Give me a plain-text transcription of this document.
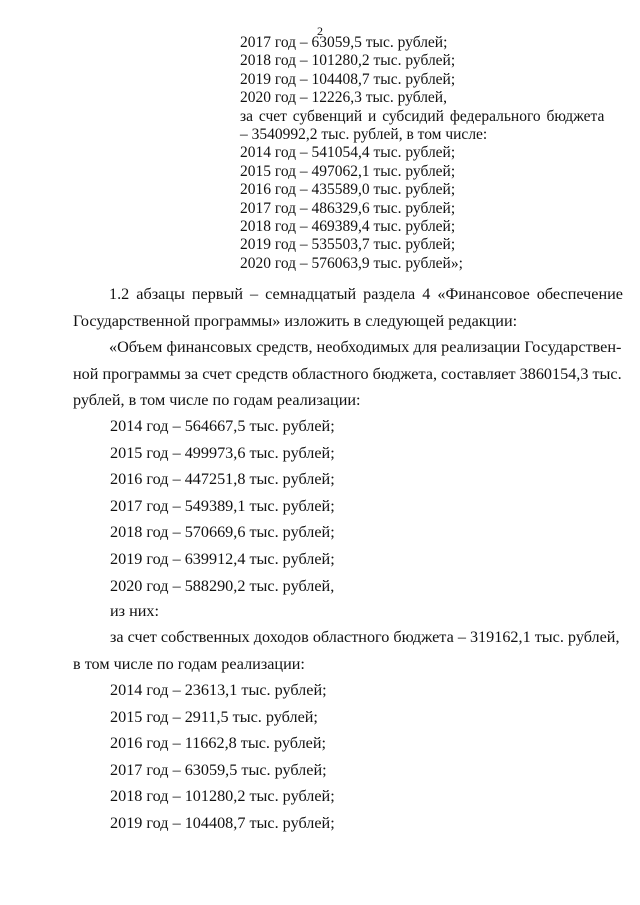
2
2017 год – 63059,5 тыс. рублей;
2018 год – 101280,2 тыс. рублей;
2019 год – 104408,7 тыс. рублей;
2020 год – 12226,3 тыс. рублей,
за счет субвенций и субсидий федерального бюджета
– 3540992,2 тыс. рублей, в том числе:
2014 год – 541054,4 тыс. рублей;
2015 год – 497062,1 тыс. рублей;
2016 год – 435589,0 тыс. рублей;
2017 год – 486329,6 тыс. рублей;
2018 год – 469389,4 тыс. рублей;
2019 год – 535503,7 тыс. рублей;
2020 год – 576063,9 тыс. рублей»;
1.2 абзацы первый – семнадцатый раздела 4 «Финансовое обеспечение
Государственной программы» изложить в следующей редакции:
«Объем финансовых средств, необходимых для реализации Государствен-
ной программы за счет средств областного бюджета, составляет 3860154,3 тыс.
рублей, в том числе по годам реализации:
2014 год – 564667,5 тыс. рублей;
2015 год – 499973,6 тыс. рублей;
2016 год – 447251,8 тыс. рублей;
2017 год – 549389,1 тыс. рублей;
2018 год – 570669,6 тыс. рублей;
2019 год – 639912,4 тыс. рублей;
2020 год – 588290,2 тыс. рублей,
из них:
за счет собственных доходов областного бюджета – 319162,1 тыс. рублей,
в том числе по годам реализации:
2014 год – 23613,1 тыс. рублей;
2015 год – 2911,5 тыс. рублей;
2016 год – 11662,8 тыс. рублей;
2017 год – 63059,5 тыс. рублей;
2018 год – 101280,2 тыс. рублей;
2019 год – 104408,7 тыс. рублей;
